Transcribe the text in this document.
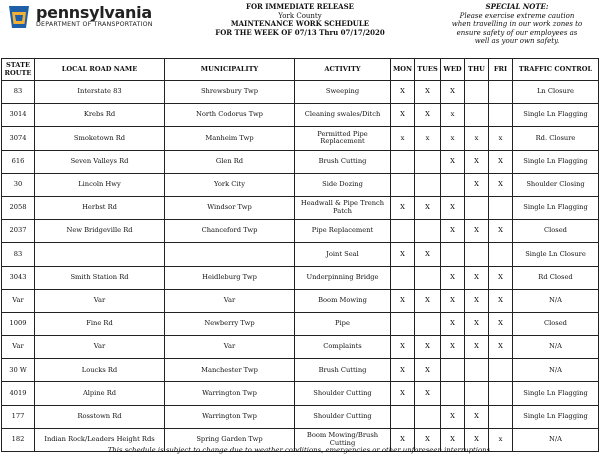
pennsylvania
DEPARTMENT OF TRANSPORTATION
FOR IMMEDIATE RELEASE
York County
MAINTENANCE WORK SCHEDULE
FOR THE WEEK OF 07/13 Thru 07/17/2020
SPECIAL NOTE:
Please exercise extreme caution
when travelling in our work zones to
ensure safety of our employees as
well as your own safety.
STATE ROUTE	LOCAL ROAD NAME	MUNICIPALITY	ACTIVITY	MON	TUES	WED	THU	FRI	TRAFFIC CONTROL
83	Interstate 83	Shrewsbury Twp	Sweeping	X	X	X			Ln Closure
3014	Krebs Rd	North Codorus Twp	Cleaning swales/Ditch	X	X	x			Single Ln Flagging
3074	Smoketown Rd	Manheim Twp	Permitted Pipe Replacement	x	x	x	x	x	Rd. Closure
616	Seven Valleys Rd	Glen Rd	Brush Cutting			X	X	X	Single Ln Flagging
30	Lincoln Hwy	York City	Side Dozing				X	X	Shoulder Closing
2058	Herbst Rd	Windsor Twp	Headwall & Pipe Trench Patch	X	X	X			Single Ln Flagging
2037	New Bridgeville Rd	Chanceford Twp	Pipe Replacement			X	X	X	Closed
83			Joint Seal	X	X				Single Ln Closure
3043	Smith Station Rd	Heidleburg Twp	Underpinning Bridge			X	X	X	Rd Closed
Var	Var	Var	Boom Mowing	X	X	X	X	X	N/A
1009	Fine Rd	Newberry Twp	Pipe			X	X	X	Closed
Var	Var	Var	Complaints	X	X	X	X	X	N/A
30 W	Loucks Rd	Manchester Twp	Brush Cutting	X	X				N/A
4019	Alpine Rd	Warrington Twp	Shoulder Cutting	X	X				Single Ln Flagging
177	Rosstown Rd	Warrington Twp	Shoulder Cutting			X	X		Single Ln Flagging
182	Indian Rock/Leaders Height Rds	Spring Garden Twp	Boom Mowing/Brush Cutting	X	X	X	X	x	N/A
This schedule is subject to change due to weather conditions, emergencies or other unforeseen interruptions.
